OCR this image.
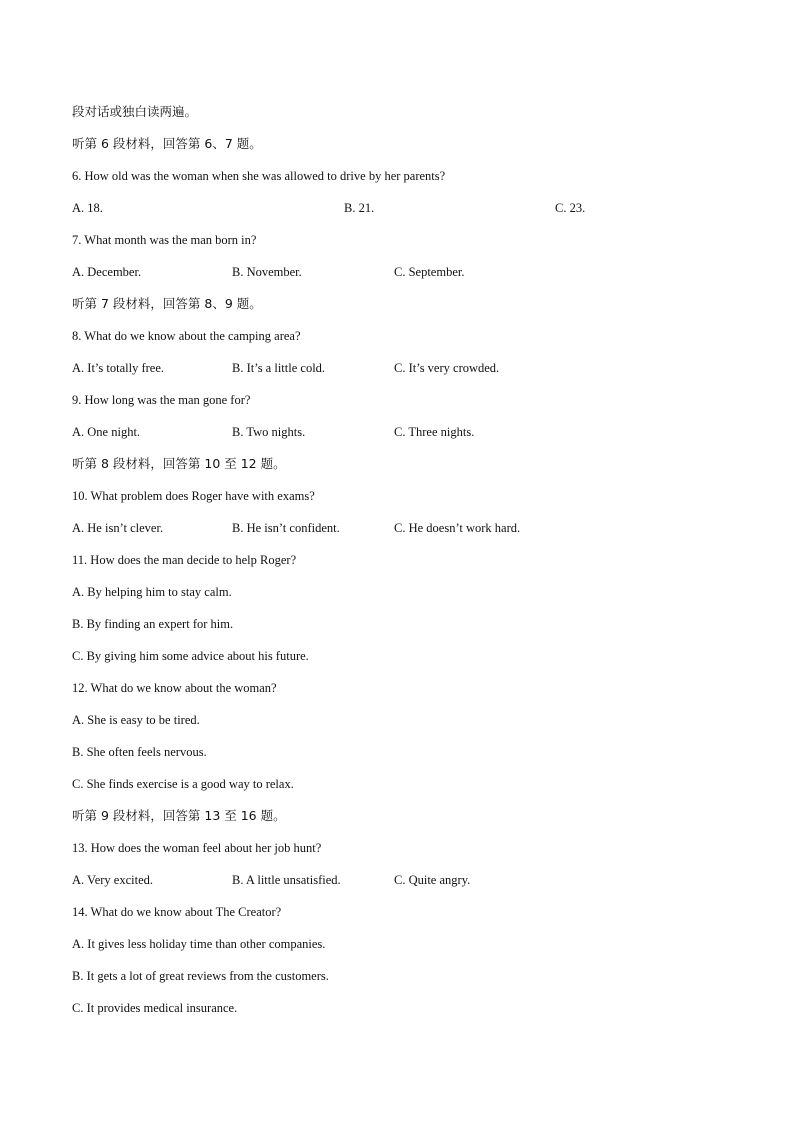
段对话或独白读两遍。
听第 6 段材料，回答第 6、7 题。
6. How old was the woman when she was allowed to drive by her parents?
A. 18.	B. 21.	C. 23.
7. What month was the man born in?
A. December.	B. November.	C. September.
听第 7 段材料，回答第 8、9 题。
8. What do we know about the camping area?
A. It’s totally free.	B. It’s a little cold.	C. It’s very crowded.
9. How long was the man gone for?
A. One night.	B. Two nights.	C. Three nights.
听第 8 段材料，回答第 10 至 12 题。
10. What problem does Roger have with exams?
A. He isn’t clever.	B. He isn’t confident.	C. He doesn’t work hard.
11. How does the man decide to help Roger?
A. By helping him to stay calm.
B. By finding an expert for him.
C. By giving him some advice about his future.
12. What do we know about the woman?
A. She is easy to be tired.
B. She often feels nervous.
C. She finds exercise is a good way to relax.
听第 9 段材料，回答第 13 至 16 题。
13. How does the woman feel about her job hunt?
A. Very excited.	B. A little unsatisfied.	C. Quite angry.
14. What do we know about The Creator?
A. It gives less holiday time than other companies.
B. It gets a lot of great reviews from the customers.
C. It provides medical insurance.
